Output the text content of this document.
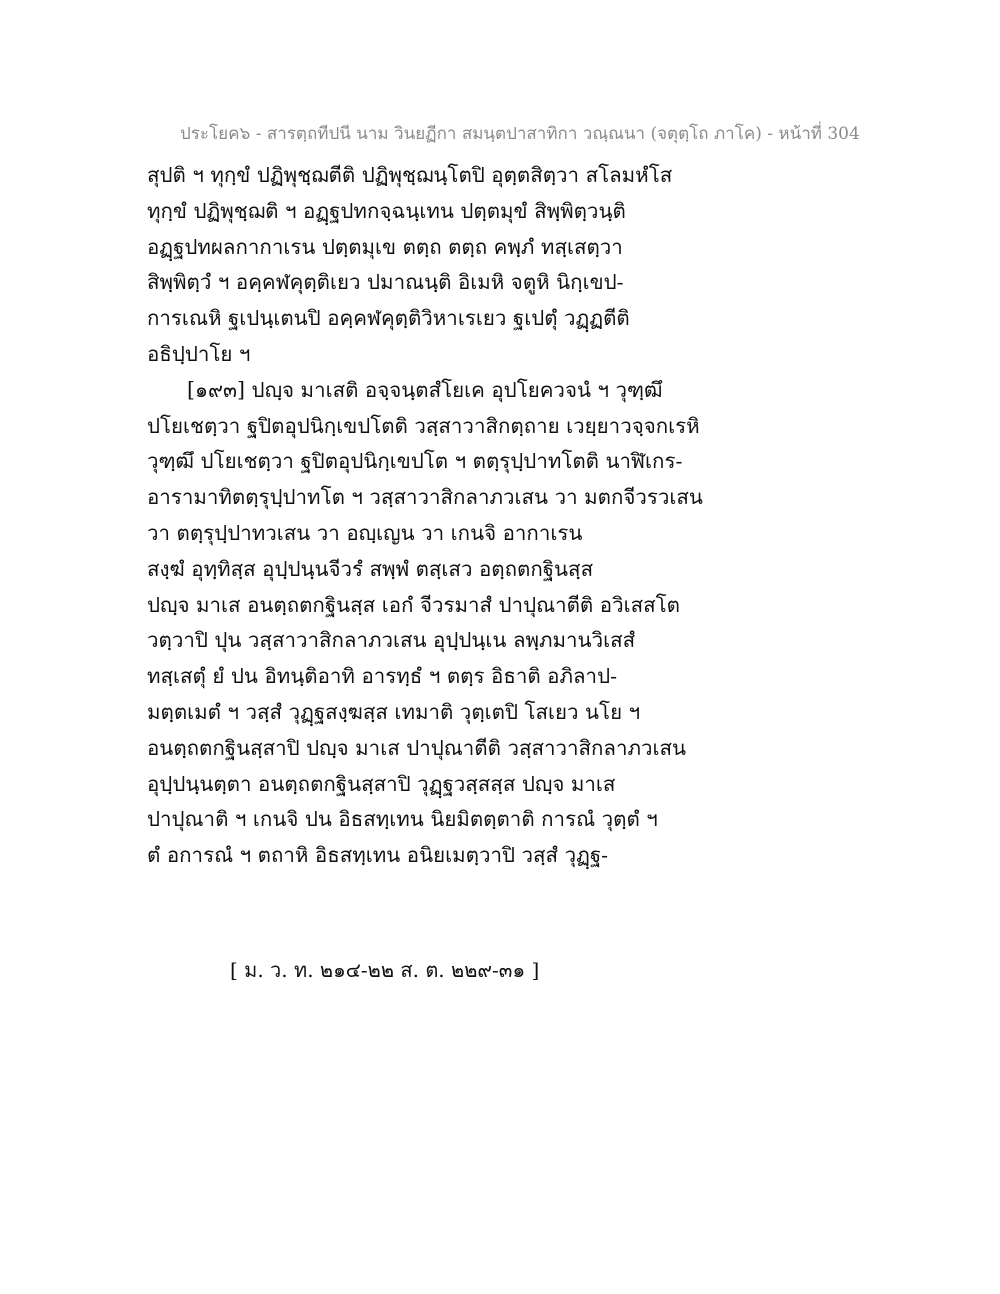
ประโยค๖ - สารตฺถทีปนี นาม วินยฏีกา สมนฺตปาสาทิกา วณฺณนา (จตุตฺโถ ภาโค) - หน้าที่ 304
สุปติ ฯ ทุกฺขํ ปฏิพุชฺฌตีติ ปฏิพุชฺฌนฺโตปิ อุตฺตสิตฺวา สโลมหํโส
ทุกฺขํ ปฏิพุชฺฌติ ฯ อฏฺฐปทกจฺฉนฺเทน ปตฺตมุขํ สิพฺพิตฺวนฺติ
อฏฺฐปทผลกากาเรน ปตฺตมุเข ตตฺถ ตตฺถ คพฺภํ ทสฺเสตฺวา
สิพฺพิตฺวํ ฯ อคฺคฬคุตฺติเยว ปมาณนฺติ อิเมหิ จตูหิ นิกฺเขป-
การเณหิ ฐเปนฺเตนปิ อคฺคฬคุตฺติวิหาเรเยว ฐเปตุํ วฏฺฏตีติ
อธิปฺปาโย ฯ
[๑๙๓] ปญฺจ มาเสติ อจฺจนฺตสํโยเค อุปโยควจนํ ฯ วุฑฺฒึ
ปโยเชตฺวา ฐปิตอุปนิกฺเขปโตติ วสฺสาวาสิกตฺถาย เวยฺยาวจฺจกเรหิ
วุฑฺฒึ ปโยเชตฺวา ฐปิตอุปนิกฺเขปโต ฯ ตตฺรุปฺปาทโตติ นาฬิเกร-
อารามาทิตตฺรุปฺปาทโต ฯ วสฺสาวาสิกลาภวเสน วา มตกจีวรวเสน
วา ตตฺรุปฺปาทวเสน วา อญฺเญน วา เกนจิ อากาเรน
สงฺฆํ อุทฺทิสฺส อุปฺปนฺนจีวรํ สพฺพํ ตสฺเสว อตฺถตกฐินสฺส
ปญฺจ มาเส อนตฺถตกฐินสฺส เอกํ จีวรมาสํ ปาปุณาตีติ อวิเสสโต
วตฺวาปิ ปุน วสฺสาวาสิกลาภวเสน อุปฺปนฺเน ลพฺภมานวิเสสํ
ทสฺเสตุํ ยํ ปน อิทนฺติอาทิ อารทฺธํ ฯ ตตฺร อิธาติ อภิลาป-
มตฺตเมตํ ฯ วสฺสํ วุฏฺฐสงฺฆสฺส เทมาติ วุตฺเตปิ โสเยว นโย ฯ
อนตฺถตกฐินสฺสาปิ ปญฺจ มาเส ปาปุณาตีติ วสฺสาวาสิกลาภวเสน
อุปฺปนฺนตฺตา อนตฺถตกฐินสฺสาปิ วุฏฺฐวสฺสสฺส ปญฺจ มาเส
ปาปุณาติ ฯ เกนจิ ปน อิธสทฺเทน นิยมิตตฺตาติ การณํ วุตฺตํ ฯ
ตํ อการณํ ฯ ตถาหิ อิธสทฺเทน อนิยเมตฺวาปิ วสฺสํ วุฏฺฐ-
[ ม. ว. ท. ๒๑๔-๒๒ ส. ต. ๒๒๙-๓๑ ]
